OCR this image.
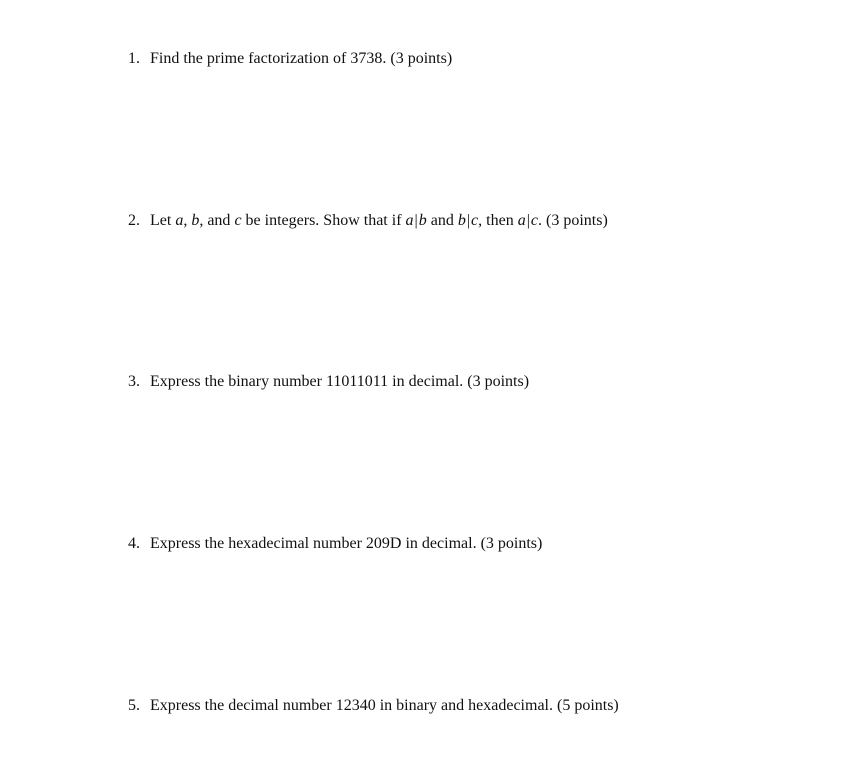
1. Find the prime factorization of 3738. (3 points)
2. Let a, b, and c be integers. Show that if a|b and b|c, then a|c. (3 points)
3. Express the binary number 11011011 in decimal. (3 points)
4. Express the hexadecimal number 209D in decimal. (3 points)
5. Express the decimal number 12340 in binary and hexadecimal. (5 points)
